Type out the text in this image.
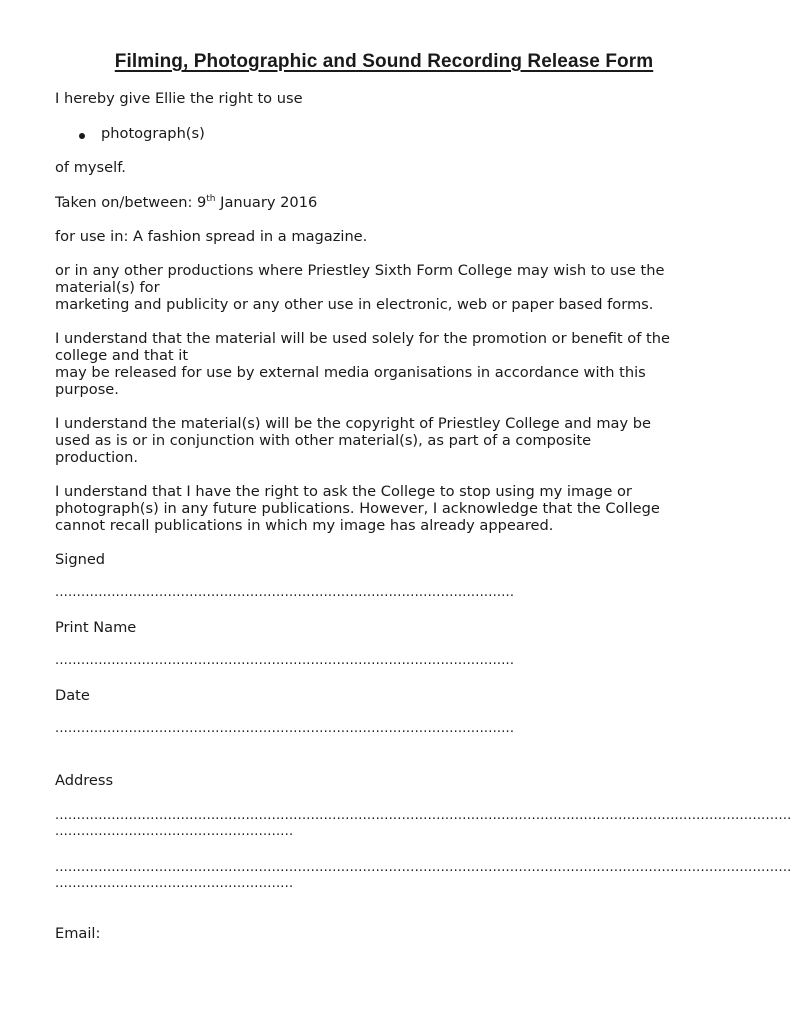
Filming, Photographic and Sound Recording Release Form
I hereby give Ellie the right to use
photograph(s)
of myself.
Taken on/between: 9th January 2016
for use in: A fashion spread in a magazine.
or in any other productions where Priestley Sixth Form College may wish to use the
material(s) for
marketing and publicity or any other use in electronic, web or paper based forms.
I understand that the material will be used solely for the promotion or benefit of the
college and that it
may be released for use by external media organisations in accordance with this
purpose.
I understand the material(s) will be the copyright of Priestley College and may be
used as is or in conjunction with other material(s), as part of a composite
production.
I understand that I have the right to ask the College to stop using my image or
photograph(s) in any future publications. However, I acknowledge that the College
cannot recall publications in which my image has already appeared.
Signed
..........................................................................................................
Print Name
..........................................................................................................
Date
..........................................................................................................
Address
..........................................................................................................................................................................
.......................................................
..........................................................................................................................................................................
.......................................................
Email:
